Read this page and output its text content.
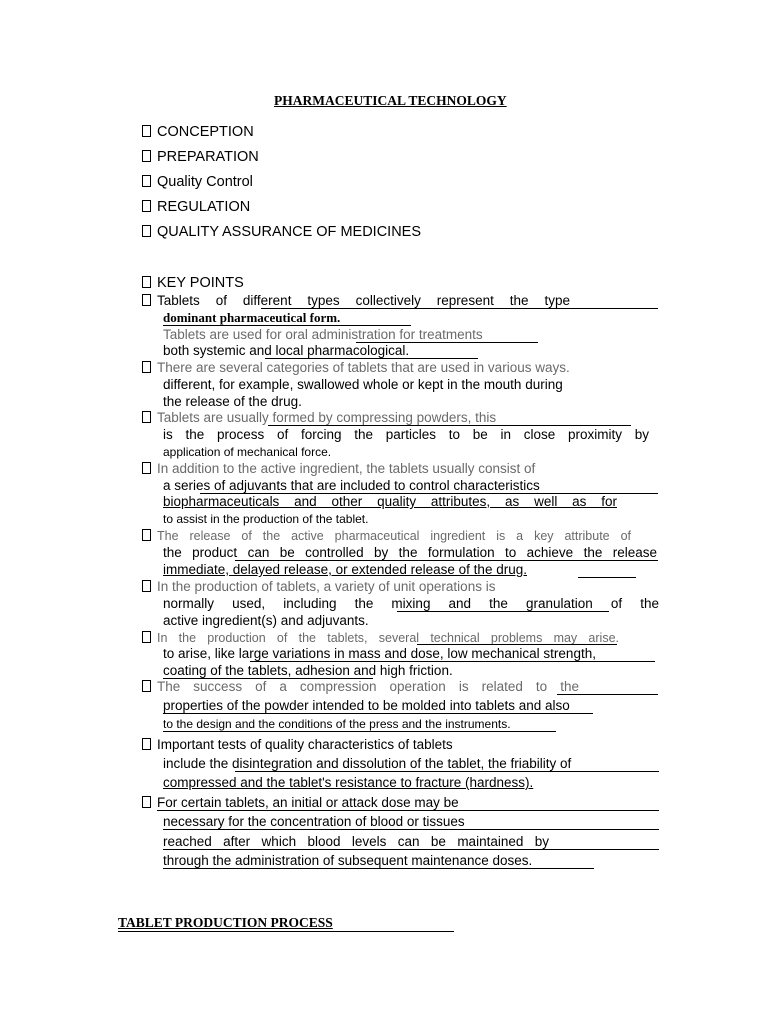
PHARMACEUTICAL TECHNOLOGY
CONCEPTION
PREPARATION
Quality Control
REGULATION
QUALITY ASSURANCE OF MEDICINES
KEY POINTS
Tablets of different types collectively represent the type
dominant pharmaceutical form.
Tablets are used for oral administration for treatments
both systemic and local pharmacological.
There are several categories of tablets that are used in various ways.
different, for example, swallowed whole or kept in the mouth during
the release of the drug.
Tablets are usually formed by compressing powders, this
is the process of forcing the particles to be in close proximity by
application of mechanical force.
In addition to the active ingredient, the tablets usually consist of
a series of adjuvants that are included to control characteristics
biopharmaceuticals and other quality attributes, as well as for
to assist in the production of the tablet.
The release of the active pharmaceutical ingredient is a key attribute of
the product can be controlled by the formulation to achieve the release
immediate, delayed release, or extended release of the drug.
In the production of tablets, a variety of unit operations is
normally used, including the mixing and the granulation of the
active ingredient(s) and adjuvants.
In the production of the tablets, several technical problems may arise.
to arise, like large variations in mass and dose, low mechanical strength,
coating of the tablets, adhesion and high friction.
The success of a compression operation is related to the
properties of the powder intended to be molded into tablets and also
to the design and the conditions of the press and the instruments.
Important tests of quality characteristics of tablets
include the disintegration and dissolution of the tablet, the friability of
compressed and the tablet's resistance to fracture (hardness).
For certain tablets, an initial or attack dose may be
necessary for the concentration of blood or tissues
reached after which blood levels can be maintained by
through the administration of subsequent maintenance doses.
TABLET PRODUCTION PROCESS
